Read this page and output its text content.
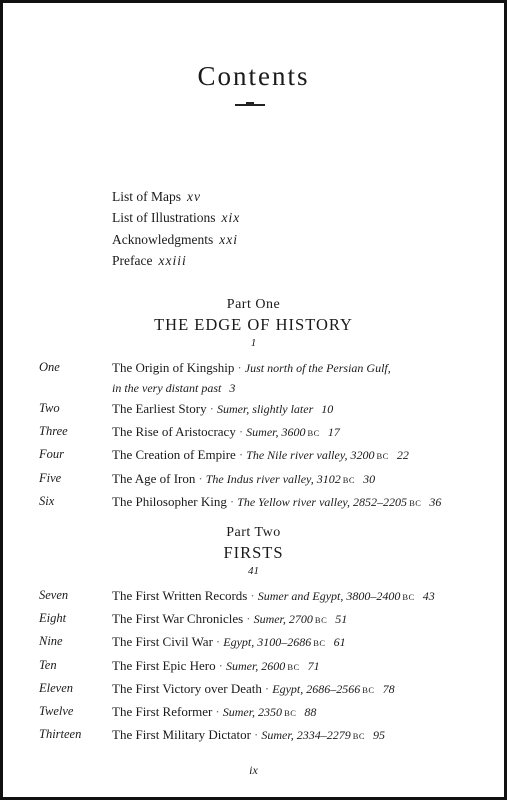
Contents
List of Maps xv
List of Illustrations xix
Acknowledgments xxi
Preface xxiii
Part One
THE EDGE OF HISTORY
1
One	The Origin of Kingship · Just north of the Persian Gulf,
in the very distant past 3
Two	The Earliest Story · Sumer, slightly later 10
Three	The Rise of Aristocracy · Sumer, 3600 BC 17
Four	The Creation of Empire · The Nile river valley, 3200 BC 22
Five	The Age of Iron · The Indus river valley, 3102 BC 30
Six	The Philosopher King · The Yellow river valley, 2852–2205 BC 36
Part Two
FIRSTS
41
Seven	The First Written Records · Sumer and Egypt, 3800–2400 BC 43
Eight	The First War Chronicles · Sumer, 2700 BC 51
Nine	The First Civil War · Egypt, 3100–2686 BC 61
Ten	The First Epic Hero · Sumer, 2600 BC 71
Eleven	The First Victory over Death · Egypt, 2686–2566 BC 78
Twelve	The First Reformer · Sumer, 2350 BC 88
Thirteen The First Military Dictator · Sumer, 2334–2279 BC 95
ix
